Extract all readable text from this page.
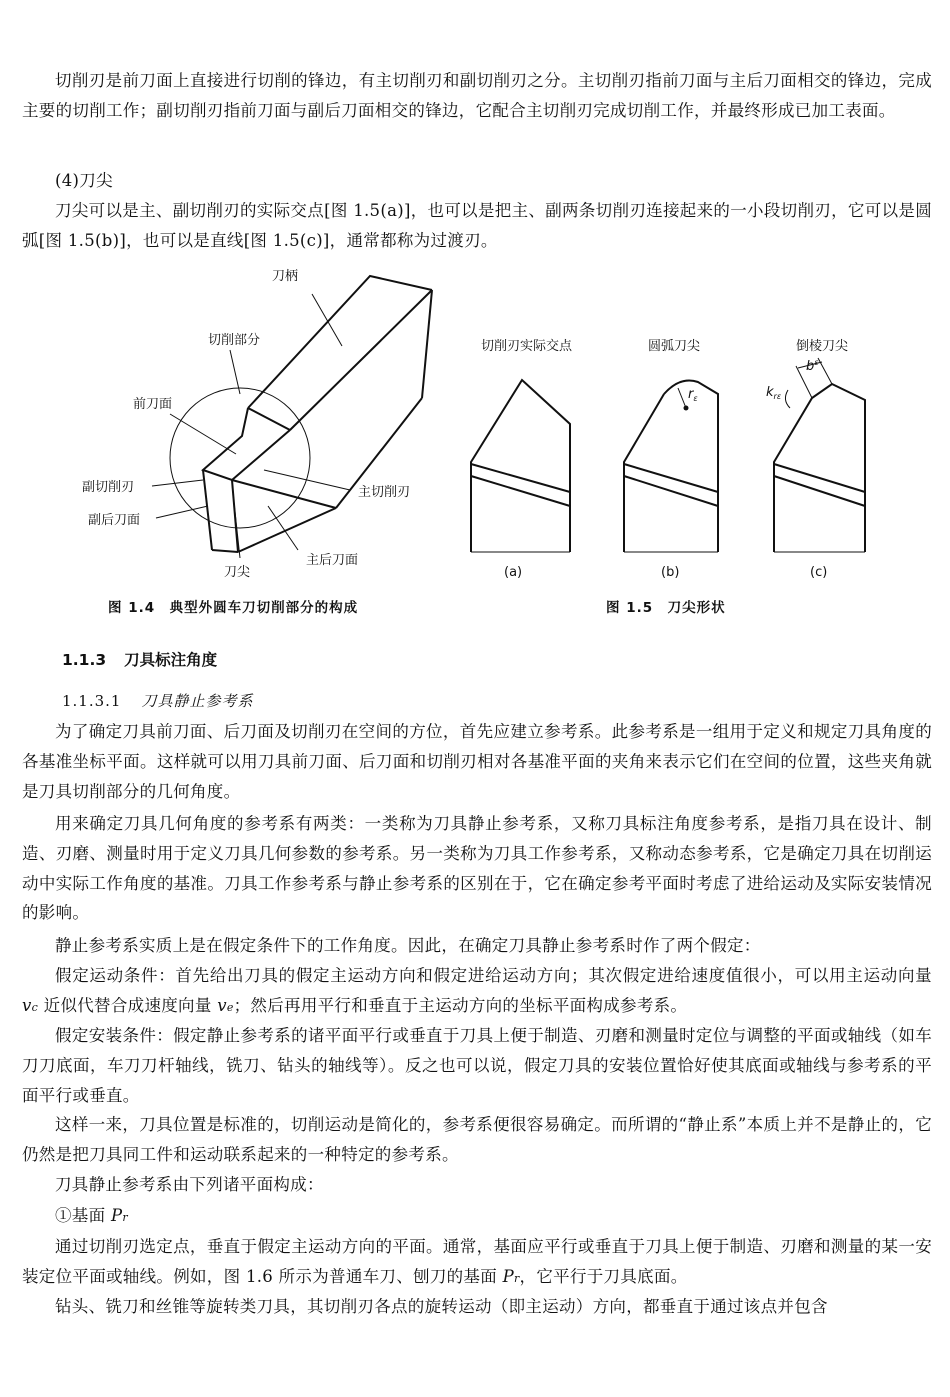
切削刃是前刀面上直接进行切削的锋边，有主切削刃和副切削刃之分。主切削刃指前刀面与主后刀面相交的锋边，完成主要的切削工作；副切削刃指前刀面与副后刀面相交的锋边，它配合主切削刃完成切削工作，并最终形成已加工表面。

(4)刀尖

刀尖可以是主、副切削刃的实际交点[图 1.5(a)]，也可以是把主、副两条切削刃连接起来的一小段切削刃，它可以是圆弧[图 1.5(b)]，也可以是直线[图 1.5(c)]，通常都称为过渡刃。

刀柄
切削部分
前刀面
副切削刃
副后刀面
刀尖
主后刀面
主切削刃
切削刃实际交点
(a)
$r_\varepsilon$
圆弧刀尖
(b)
$b^\varepsilon$
$k_{r\varepsilon}$
倒棱刀尖
(c)
图 1.4　典型外圆车刀切削部分的构成	图 1.5　刀尖形状
1.1.3 刀具标注角度
1.1.3.1 刀具静止参考系

为了确定刀具前刀面、后刀面及切削刃在空间的方位，首先应建立参考系。此参考系是一组用于定义和规定刀具角度的各基准坐标平面。这样就可以用刀具前刀面、后刀面和切削刃相对各基准平面的夹角来表示它们在空间的位置，这些夹角就是刀具切削部分的几何角度。

用来确定刀具几何角度的参考系有两类：一类称为刀具静止参考系，又称刀具标注角度参考系，是指刀具在设计、制造、刃磨、测量时用于定义刀具几何参数的参考系。另一类称为刀具工作参考系，又称动态参考系，它是确定刀具在切削运动中实际工作角度的基准。刀具工作参考系与静止参考系的区别在于，它在确定参考平面时考虑了进给运动及实际安装情况的影响。

静止参考系实质上是在假定条件下的工作角度。因此，在确定刀具静止参考系时作了两个假定：

假定运动条件：首先给出刀具的假定主运动方向和假定进给运动方向；其次假定进给速度值很小，可以用主运动向量 vc 近似代替合成速度向量 ve；然后再用平行和垂直于主运动方向的坐标平面构成参考系。

假定安装条件：假定静止参考系的诸平面平行或垂直于刀具上便于制造、刃磨和测量时定位与调整的平面或轴线（如车刀刀底面，车刀刀杆轴线，铣刀、钻头的轴线等）。反之也可以说，假定刀具的安装位置恰好使其底面或轴线与参考系的平面平行或垂直。

这样一来，刀具位置是标准的，切削运动是简化的，参考系便很容易确定。而所谓的“静止系”本质上并不是静止的，它仍然是把刀具同工件和运动联系起来的一种特定的参考系。

刀具静止参考系由下列诸平面构成：

①基面 Pr

通过切削刃选定点，垂直于假定主运动方向的平面。通常，基面应平行或垂直于刀具上便于制造、刃磨和测量的某一安装定位平面或轴线。例如，图 1.6 所示为普通车刀、刨刀的基面 Pr，它平行于刀具底面。

钻头、铣刀和丝锥等旋转类刀具，其切削刃各点的旋转运动（即主运动）方向，都垂直于通过该点并包含
